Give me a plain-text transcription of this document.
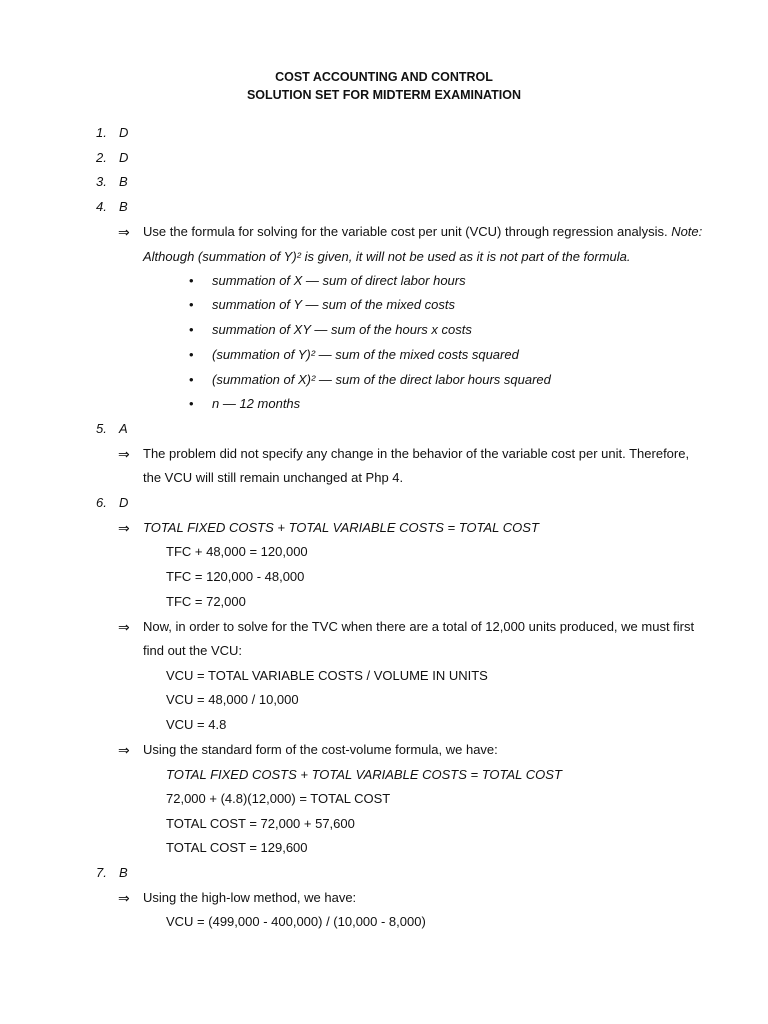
COST ACCOUNTING AND CONTROL
SOLUTION SET FOR MIDTERM EXAMINATION
1. D
2. D
3. B
4. B
⇒ Use the formula for solving for the variable cost per unit (VCU) through regression analysis. Note:
Although (summation of Y)² is given, it will not be used as it is not part of the formula.
• summation of X — sum of direct labor hours
• summation of Y — sum of the mixed costs
• summation of XY — sum of the hours x costs
• (summation of Y)² — sum of the mixed costs squared
• (summation of X)² — sum of the direct labor hours squared
• n — 12 months
5. A
⇒ The problem did not specify any change in the behavior of the variable cost per unit. Therefore,
the VCU will still remain unchanged at Php 4.
6. D
⇒ TOTAL FIXED COSTS + TOTAL VARIABLE COSTS = TOTAL COST
TFC + 48,000 = 120,000
TFC = 120,000 - 48,000
TFC = 72,000
⇒ Now, in order to solve for the TVC when there are a total of 12,000 units produced, we must first
find out the VCU:
VCU = TOTAL VARIABLE COSTS / VOLUME IN UNITS
VCU = 48,000 / 10,000
VCU = 4.8
⇒ Using the standard form of the cost-volume formula, we have:
TOTAL FIXED COSTS + TOTAL VARIABLE COSTS = TOTAL COST
72,000 + (4.8)(12,000) = TOTAL COST
TOTAL COST = 72,000 + 57,600
TOTAL COST = 129,600
7. B
⇒ Using the high-low method, we have:
VCU = (499,000 - 400,000) / (10,000 - 8,000)
